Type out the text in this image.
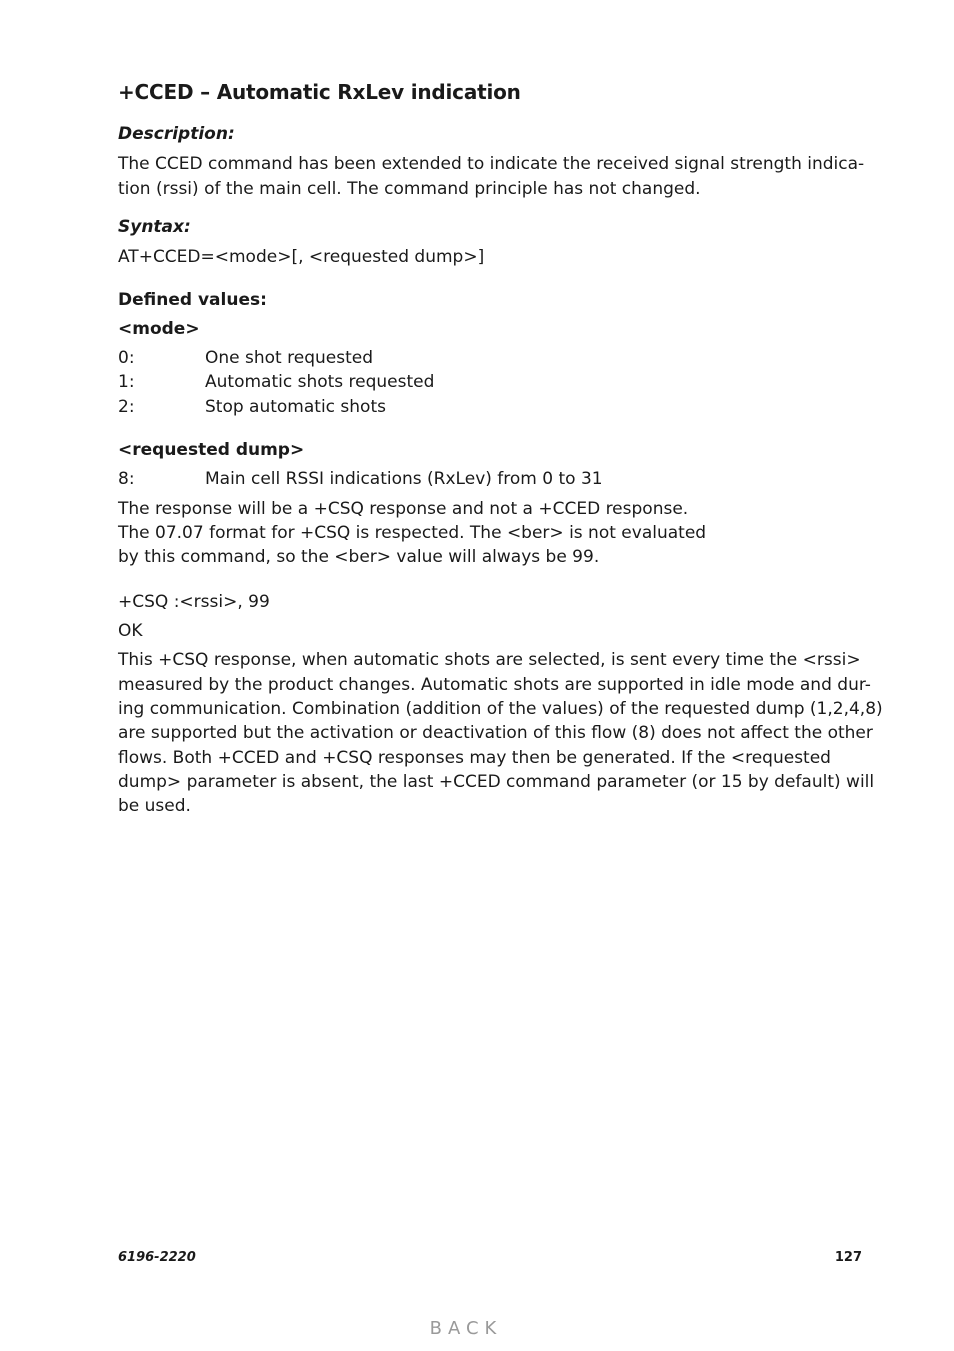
+CCED – Automatic RxLev indication
Description:
The CCED command has been extended to indicate the received signal strength indica-
tion (rssi) of the main cell. The command principle has not changed.
Syntax:
AT+CCED=<mode>[, <requested dump>]
Defined values:
<mode>
0:	One shot requested
1:	Automatic shots requested
2:	Stop automatic shots
<requested dump>
8:	Main cell RSSI indications (RxLev) from 0 to 31
The response will be a +CSQ response and not a +CCED response.
The 07.07 format for +CSQ is respected. The <ber> is not evaluated
by this command, so the <ber> value will always be 99.
+CSQ :<rssi>, 99
OK
This +CSQ response, when automatic shots are selected, is sent every time the <rssi>
measured by the product changes. Automatic shots are supported in idle mode and dur-
ing communication. Combination (addition of the values) of the requested dump (1,2,4,8)
are supported but the activation or deactivation of this flow (8) does not affect the other
flows. Both +CCED and +CSQ responses may then be generated. If the <requested
dump> parameter is absent, the last +CCED command parameter (or 15 by default) will
be used.
6196-2220	127
BACK
